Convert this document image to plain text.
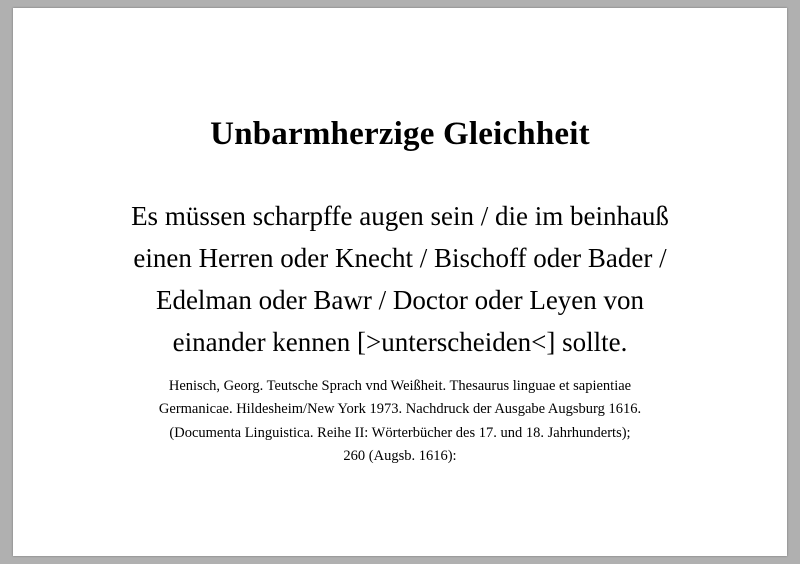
Unbarmherzige Gleichheit
Es müssen scharpffe augen sein / die im beinhauß
einen Herren oder Knecht / Bischoff oder Bader /
Edelman oder Bawr / Doctor oder Leyen von
einander kennen [>unterscheiden<] sollte.
Henisch, Georg. Teutsche Sprach vnd Weißheit. Thesaurus linguae et sapientiae
Germanicae. Hildesheim/New York 1973. Nachdruck der Ausgabe Augsburg 1616.
(Documenta Linguistica. Reihe II: Wörterbücher des 17. und 18. Jahrhunderts);
260 (Augsb. 1616):
